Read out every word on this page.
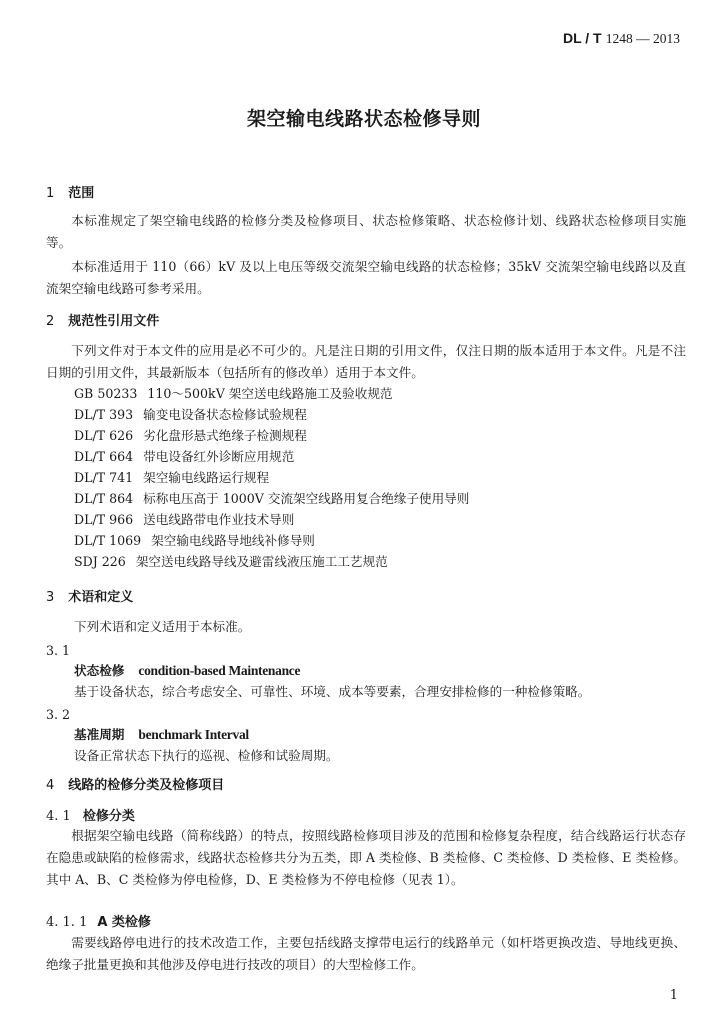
DL / T 1248 — 2013
架空输电线路状态检修导则
1 范围

本标准规定了架空输电线路的检修分类及检修项目、状态检修策略、状态检修计划、线路状态检修项目实施等。

本标准适用于 110（66）kV 及以上电压等级交流架空输电线路的状态检修；35kV 交流架空输电线路以及直流架空输电线路可参考采用。

2 规范性引用文件

下列文件对于本文件的应用是必不可少的。凡是注日期的引用文件，仅注日期的版本适用于本文件。凡是不注日期的引用文件，其最新版本（包括所有的修改单）适用于本文件。

GB 50233 110～500kV 架空送电线路施工及验收规范
DL/T 393 输变电设备状态检修试验规程
DL/T 626 劣化盘形悬式绝缘子检测规程
DL/T 664 带电设备红外诊断应用规范
DL/T 741 架空输电线路运行规程
DL/T 864 标称电压高于 1000V 交流架空线路用复合绝缘子使用导则
DL/T 966 送电线路带电作业技术导则
DL/T 1069 架空输电线路导地线补修导则
SDJ 226 架空送电线路导线及避雷线液压施工工艺规范
3 术语和定义
下列术语和定义适用于本标准。
3. 1
状态检修 condition-based Maintenance
基于设备状态，综合考虑安全、可靠性、环境、成本等要素，合理安排检修的一种检修策略。
3. 2
基准周期 benchmark Interval
设备正常状态下执行的巡视、检修和试验周期。
4 线路的检修分类及检修项目
4. 1 检修分类

根据架空输电线路（简称线路）的特点，按照线路检修项目涉及的范围和检修复杂程度，结合线路运行状态存在隐患或缺陷的检修需求，线路状态检修共分为五类，即 A 类检修、B 类检修、C 类检修、D 类检修、E 类检修。其中 A、B、C 类检修为停电检修，D、E 类检修为不停电检修（见表 1）。

4. 1. 1 A 类检修

需要线路停电进行的技术改造工作，主要包括线路支撑带电运行的线路单元（如杆塔更换改造、导地线更换、绝缘子批量更换和其他涉及停电进行技改的项目）的大型检修工作。

1
